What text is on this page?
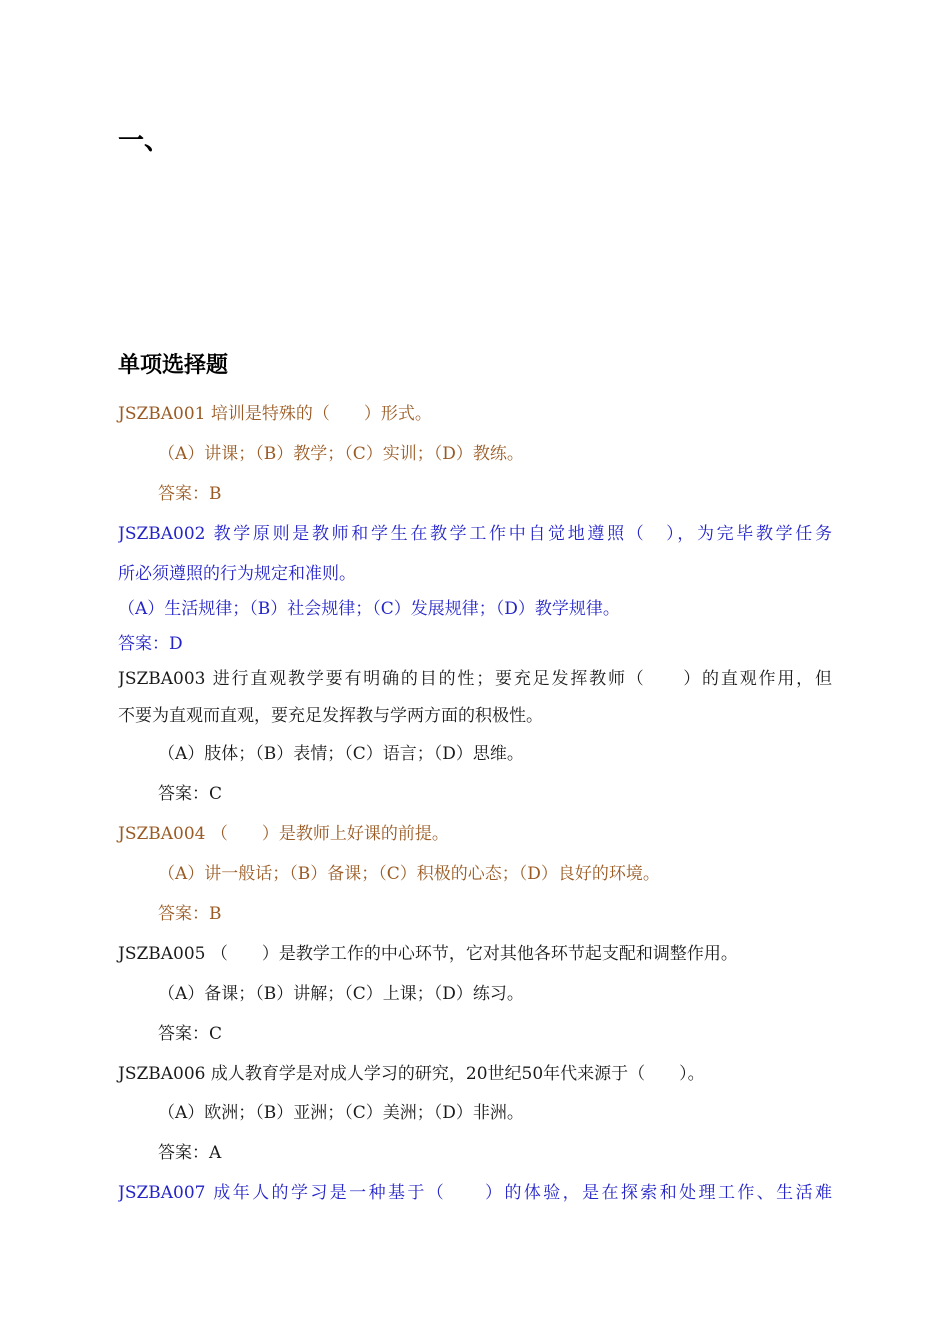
一、
单项选择题
JSZBA001 培训是特殊的（　　）形式。
（A）讲课；（B）教学；（C）实训；（D）教练。
答案：B
JSZBA002 教学原则是教师和学生在教学工作中自觉地遵照（　），为完毕教学任务
所必须遵照的行为规定和准则。
（A）生活规律；（B）社会规律；（C）发展规律；（D）教学规律。
答案：D
JSZBA003 进行直观教学要有明确的目的性；要充足发挥教师（　　）的直观作用，但
不要为直观而直观，要充足发挥教与学两方面的积极性。
（A）肢体；（B）表情；（C）语言；（D）思维。
答案：C
JSZBA004 （　　）是教师上好课的前提。
（A）讲一般话；（B）备课；（C）积极的心态；（D）良好的环境。
答案：B
JSZBA005 （　　）是教学工作的中心环节，它对其他各环节起支配和调整作用。
（A）备课；（B）讲解；（C）上课；（D）练习。
答案：C
JSZBA006 成人教育学是对成人学习的研究，20世纪50年代来源于（　　）。
（A）欧洲；（B）亚洲；（C）美洲；（D）非洲。
答案：A
JSZBA007 成年人的学习是一种基于（　　）的体验，是在探索和处理工作、生活难
